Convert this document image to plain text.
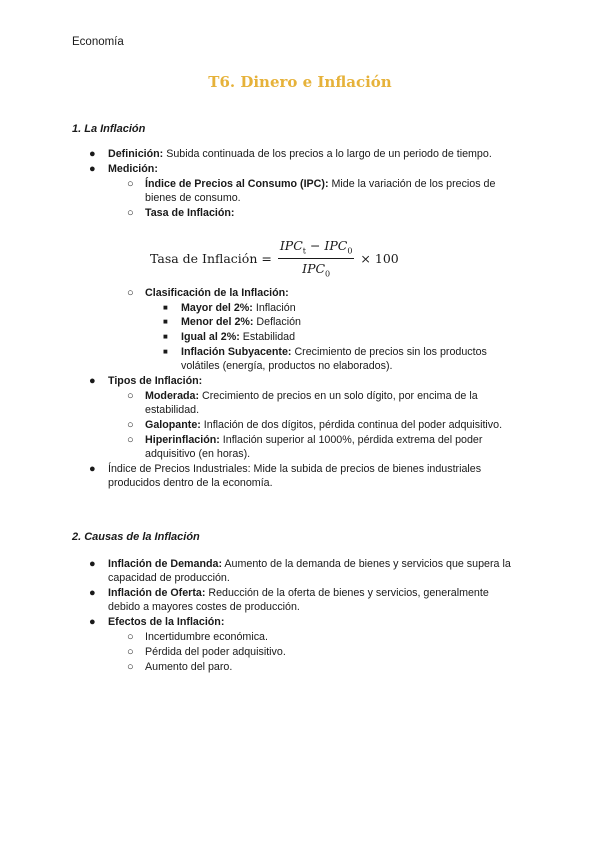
Economía
T6. Dinero e Inflación
1. La Inflación
● Definición: Subida continuada de los precios a lo largo de un periodo de tiempo.
● Medición:
○ Índice de Precios al Consumo (IPC): Mide la variación de los precios de
bienes de consumo.
○ Tasa de Inflación:
Tasa de Inflación = $\frac{IPC_t - IPC_0}{IPC_0} \times 100$
○ Clasificación de la Inflación:
■ Mayor del 2%: Inflación
■ Menor del 2%: Deflación
■ Igual al 2%: Estabilidad
■ Inflación Subyacente: Crecimiento de precios sin los productos
volátiles (energía, productos no elaborados).
● Tipos de Inflación:
○ Moderada: Crecimiento de precios en un solo dígito, por encima de la
estabilidad.
○ Galopante: Inflación de dos dígitos, pérdida continua del poder adquisitivo.
○ Hiperinflación: Inflación superior al 1000%, pérdida extrema del poder
adquisitivo (en horas).
● Índice de Precios Industriales: Mide la subida de precios de bienes industriales
producidos dentro de la economía.
2. Causas de la Inflación
● Inflación de Demanda: Aumento de la demanda de bienes y servicios que supera la
capacidad de producción.
● Inflación de Oferta: Reducción de la oferta de bienes y servicios, generalmente
debido a mayores costes de producción.
● Efectos de la Inflación:
○ Incertidumbre económica.
○ Pérdida del poder adquisitivo.
○ Aumento del paro.
